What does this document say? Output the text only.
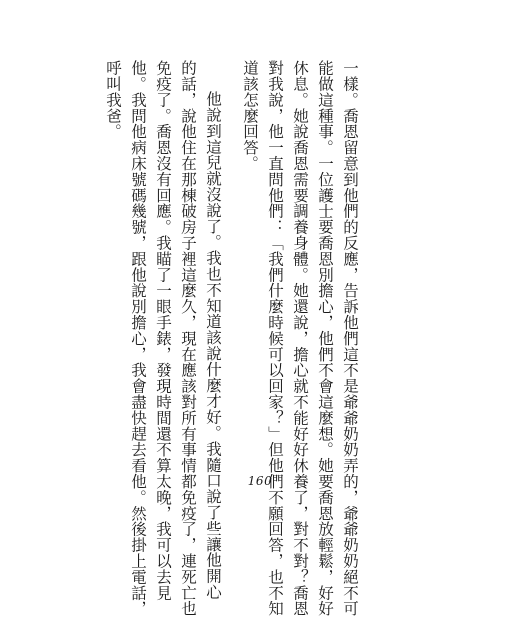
一樣。喬恩留意到他們的反應，告訴他們這不是爺爺奶奶弄的，爺爺奶奶絕不可

能做這種事。一位護士要喬恩別擔心，他們不會這麼想。她要喬恩放輕鬆，好好

休息。她說喬恩需要調養身體。她還說，擔心就不能好好休養了，對不對？喬恩

對我說，他一直問他們：「我們什麼時候可以回家？」但他們不願回答，也不知

道該怎麼回答。

他說到這兒就沒說了。我也不知道該說什麼才好。我隨口說了些讓他開心

的話，說他住在那棟破房子裡這麼久，現在應該對所有事情都免疫了，連死亡也

免疫了。喬恩沒有回應。我瞄了一眼手錶，發現時間還不算太晚，我可以去見

他。我問他病床號碼幾號，跟他說別擔心，我會盡快趕去看他。然後掛上電話，

呼叫我爸。

160
